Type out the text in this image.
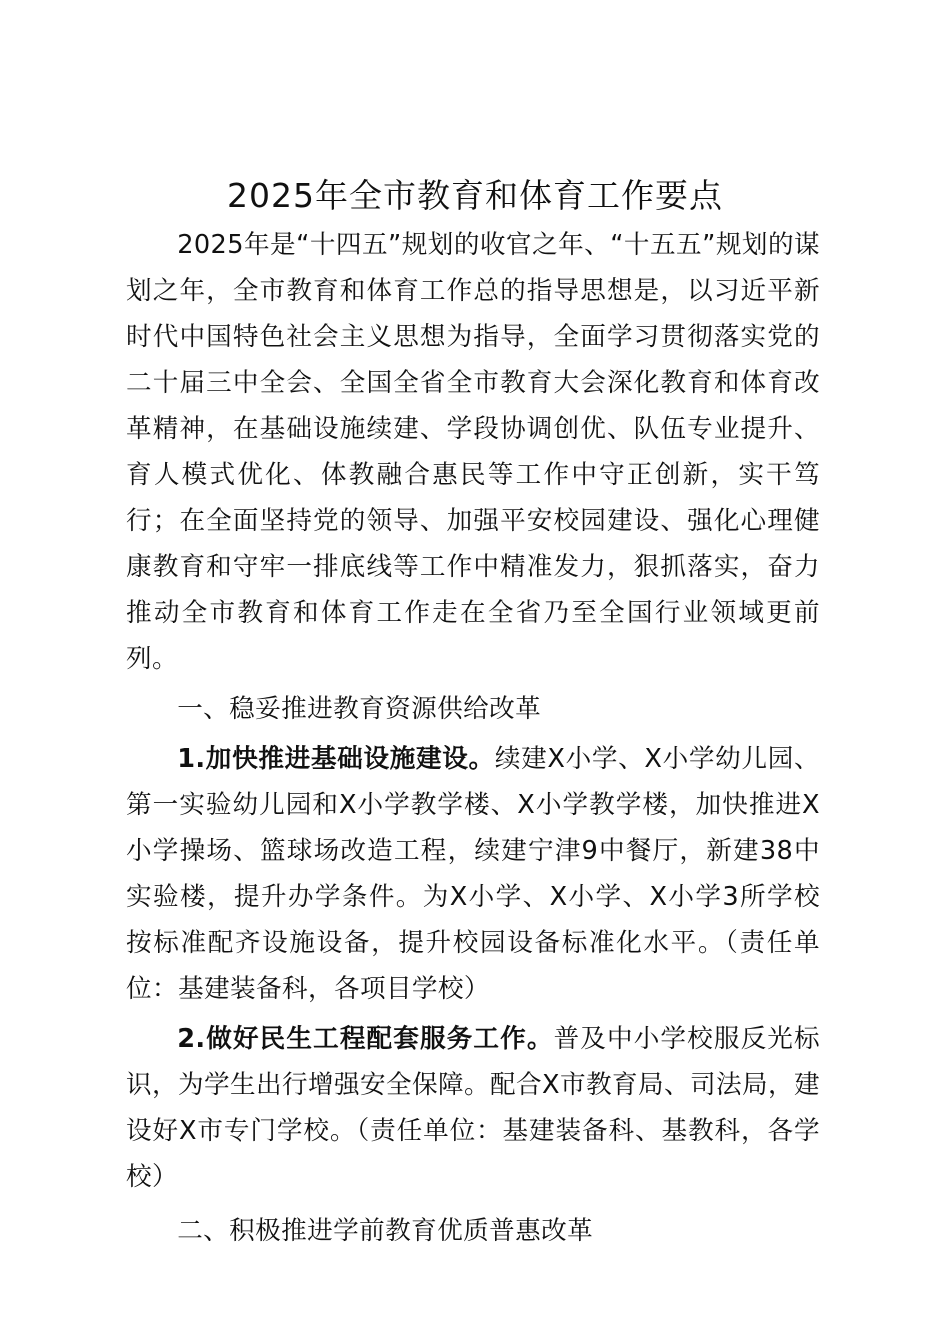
2025年全市教育和体育工作要点

2025年是“十四五”规划的收官之年、“十五五”规划的谋划之年，全市教育和体育工作总的指导思想是，以习近平新时代中国特色社会主义思想为指导，全面学习贯彻落实党的二十届三中全会、全国全省全市教育大会深化教育和体育改革精神，在基础设施续建、学段协调创优、队伍专业提升、育人模式优化、体教融合惠民等工作中守正创新，实干笃行；在全面坚持党的领导、加强平安校园建设、强化心理健康教育和守牢一排底线等工作中精准发力，狠抓落实，奋力推动全市教育和体育工作走在全省乃至全国行业领域更前列。

一、稳妥推进教育资源供给改革

1.加快推进基础设施建设。续建X小学、X小学幼儿园、第一实验幼儿园和X小学教学楼、X小学教学楼，加快推进X小学操场、篮球场改造工程，续建宁津9中餐厅，新建38中实验楼，提升办学条件。为X小学、X小学、X小学3所学校按标准配齐设施设备，提升校园设备标准化水平。（责任单位：基建装备科，各项目学校）

2.做好民生工程配套服务工作。普及中小学校服反光标识，为学生出行增强安全保障。配合X市教育局、司法局，建设好X市专门学校。（责任单位：基建装备科、基教科，各学校）

二、积极推进学前教育优质普惠改革
